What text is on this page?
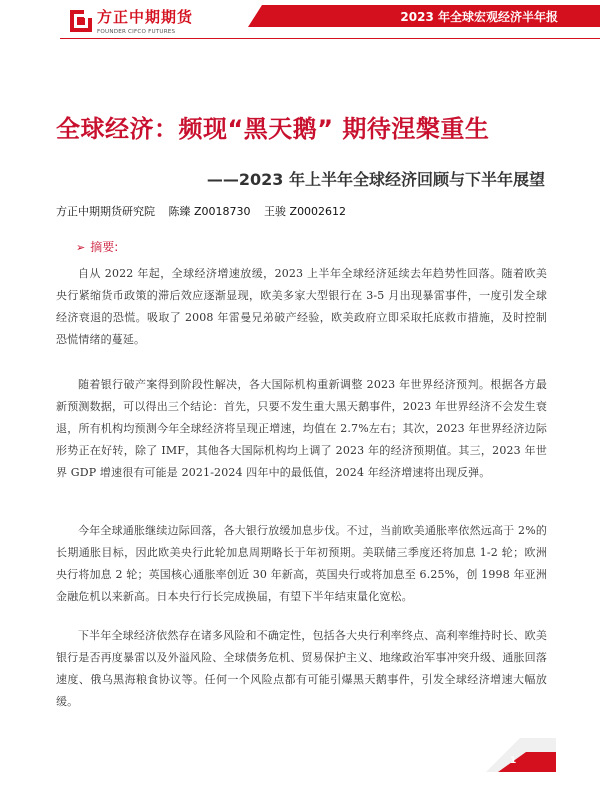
方正中期期货
FOUNDER CIFCO FUTURES
2023 年全球宏观经济半年报
全球经济：频现“黑天鹅” 期待涅槃重生
——2023 年上半年全球经济回顾与下半年展望
方正中期期货研究院 陈臻 Z0018730 王骏 Z0002612
➢ 摘要:

自从 2022 年起，全球经济增速放缓，2023 上半年全球经济延续去年趋势性回落。随着欧美央行紧缩货币政策的滞后效应逐渐显现，欧美多家大型银行在 3-5 月出现暴雷事件，一度引发全球经济衰退的恐慌。吸取了 2008 年雷曼兄弟破产经验，欧美政府立即采取托底救市措施，及时控制恐慌情绪的蔓延。

随着银行破产案得到阶段性解决，各大国际机构重新调整 2023 年世界经济预判。根据各方最新预测数据，可以得出三个结论：首先，只要不发生重大黑天鹅事件，2023 年世界经济不会发生衰退，所有机构均预测今年全球经济将呈现正增速，均值在 2.7%左右；其次，2023 年世界经济边际形势正在好转，除了 IMF，其他各大国际机构均上调了 2023 年的经济预期值。其三，2023 年世界 GDP 增速很有可能是 2021-2024 四年中的最低值，2024 年经济增速将出现反弹。

今年全球通胀继续边际回落，各大银行放缓加息步伐。不过，当前欧美通胀率依然远高于 2%的长期通胀目标，因此欧美央行此轮加息周期略长于年初预期。美联储三季度还将加息 1-2 轮；欧洲央行将加息 2 轮；英国核心通胀率创近 30 年新高，英国央行或将加息至 6.25%，创 1998 年亚洲金融危机以来新高。日本央行行长完成换届，有望下半年结束量化宽松。

下半年全球经济依然存在诸多风险和不确定性，包括各大央行利率终点、高利率维持时长、欧美银行是否再度暴雷以及外溢风险、全球债务危机、贸易保护主义、地缘政治军事冲突升级、通胀回落速度、俄乌黑海粮食协议等。任何一个风险点都有可能引爆黑天鹅事件，引发全球经济增速大幅放缓。

1
